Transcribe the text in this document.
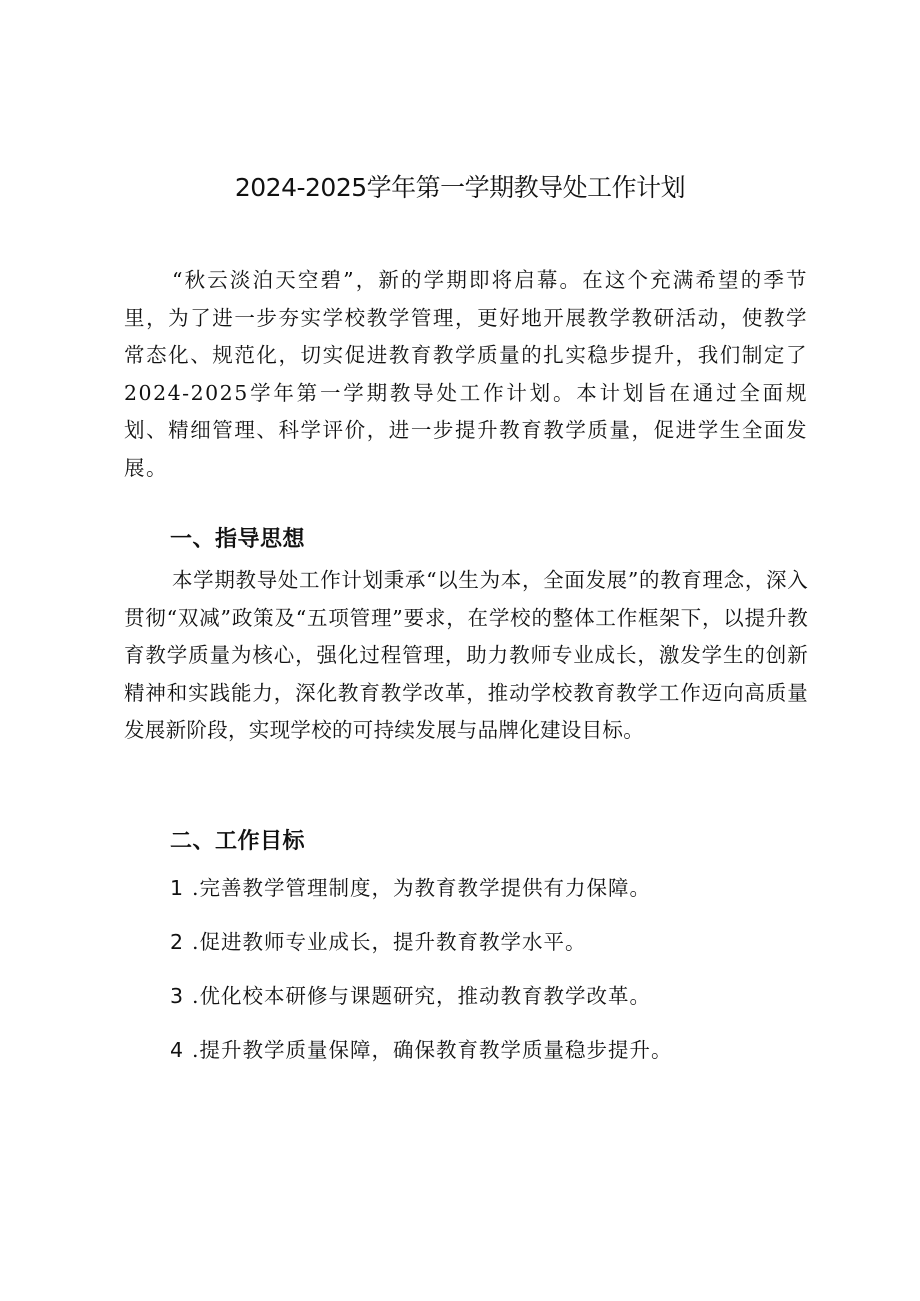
2024-2025学年第一学期教导处工作计划

“秋云淡泊天空碧”，新的学期即将启幕。在这个充满希望的季节里，为了进一步夯实学校教学管理，更好地开展教学教研活动，使教学常态化、规范化，切实促进教育教学质量的扎实稳步提升，我们制定了2024-2025学年第一学期教导处工作计划。本计划旨在通过全面规划、精细管理、科学评价，进一步提升教育教学质量，促进学生全面发展。

一、指导思想

本学期教导处工作计划秉承“以生为本，全面发展”的教育理念，深入贯彻“双减”政策及“五项管理”要求，在学校的整体工作框架下，以提升教育教学质量为核心，强化过程管理，助力教师专业成长，激发学生的创新精神和实践能力，深化教育教学改革，推动学校教育教学工作迈向高质量发展新阶段，实现学校的可持续发展与品牌化建设目标。

二、工作目标

1 .完善教学管理制度，为教育教学提供有力保障。

2 .促进教师专业成长，提升教育教学水平。

3 .优化校本研修与课题研究，推动教育教学改革。

4 .提升教学质量保障，确保教育教学质量稳步提升。
